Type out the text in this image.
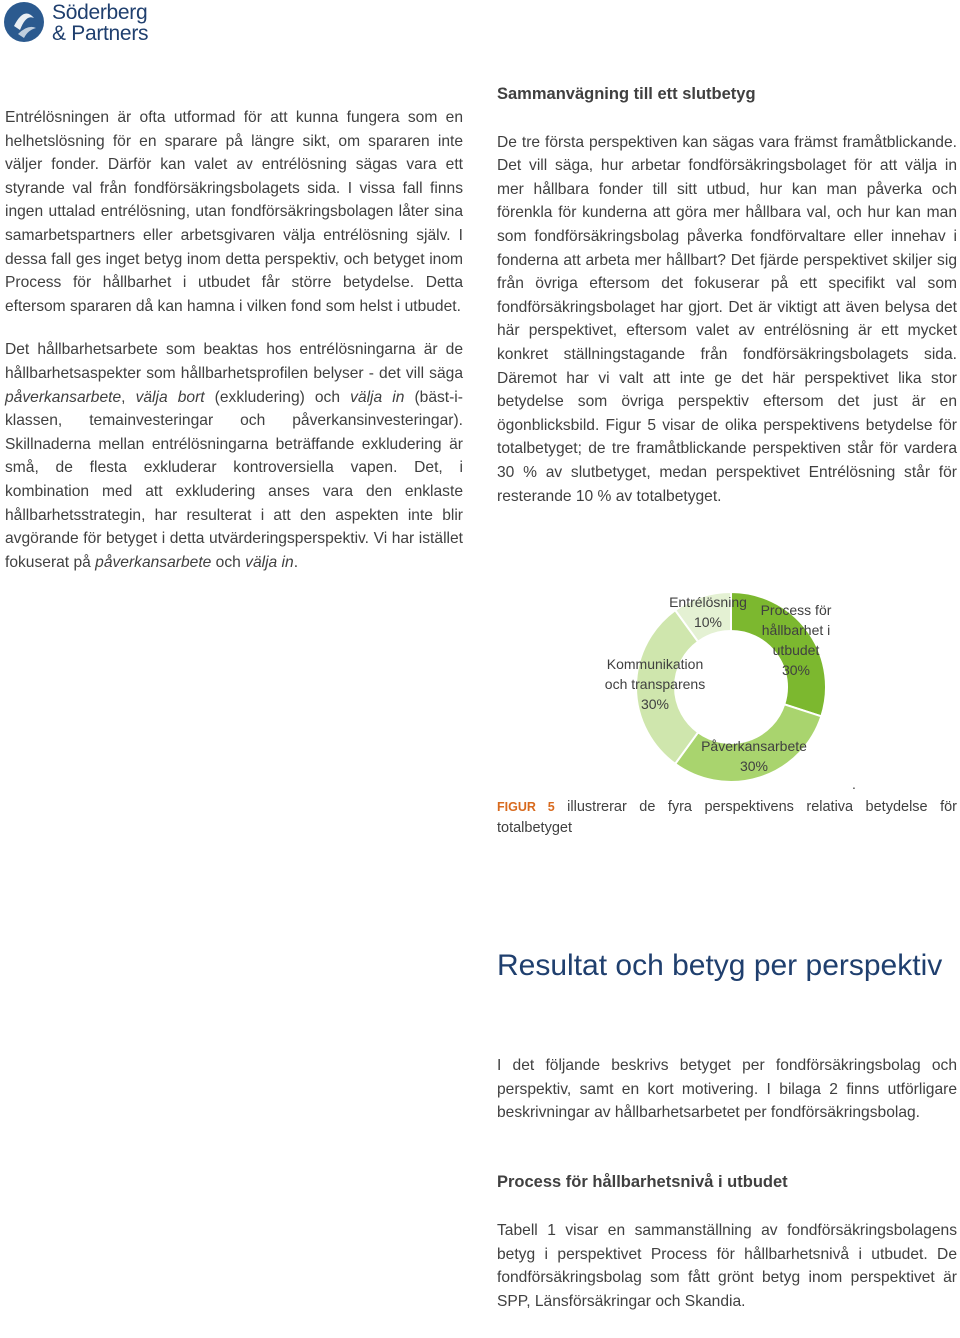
Söderberg
& Partners

Entrélösningen är ofta utformad för att kunna fungera som en helhetslösning för en sparare på längre sikt, om spararen inte väljer fonder. Därför kan valet av entrélösning sägas vara ett styrande val från fondförsäkringsbolagets sida. I vissa fall finns ingen uttalad entrélösning, utan fondförsäkringsbolagen låter sina samarbetspartners eller arbetsgivaren välja entrélösning själv. I dessa fall ges inget betyg inom detta perspektiv, och betyget inom Process för hållbarhet i utbudet får större betydelse. Detta eftersom spararen då kan hamna i vilken fond som helst i utbudet.

Det hållbarhetsarbete som beaktas hos entrélösningarna är de hållbarhetsaspekter som hållbarhetsprofilen belyser - det vill säga påverkansarbete, välja bort (exkludering) och välja in (bäst-i-klassen, temainvesteringar och påverkansinvesteringar). Skillnaderna mellan entrélösningarna beträffande exkludering är små, de flesta exkluderar kontroversiella vapen. Det, i kombination med att exkludering anses vara den enklaste hållbarhetsstrategin, har resulterat i att den aspekten inte blir avgörande för betyget i detta utvärderingsperspektiv. Vi har istället fokuserat på påverkansarbete och välja in.

Sammanvägning till ett slutbetyg

De tre första perspektiven kan sägas vara främst framåtblickande. Det vill säga, hur arbetar fondförsäkringsbolaget för att välja in mer hållbara fonder till sitt utbud, hur kan man påverka och förenkla för kunderna att göra mer hållbara val, och hur kan man som fondförsäkringsbolag påverka fondförvaltare eller innehav i fonderna att arbeta mer hållbart? Det fjärde perspektivet skiljer sig från övriga eftersom det fokuserar på ett specifikt val som fondförsäkringsbolaget har gjort. Det är viktigt att även belysa det här perspektivet, eftersom valet av entrélösning är ett mycket konkret ställningstagande från fondförsäkringsbolagets sida. Däremot har vi valt att inte ge det här perspektivet lika stor betydelse som övriga perspektiv eftersom det just är en ögonblicksbild. Figur 5 visar de olika perspektivens betydelse för totalbetyget; de tre framåtblickande perspektiven står för vardera 30 % av slutbetyget, medan perspektivet Entrélösning står för resterande 10 % av totalbetyget.

Entrélösning
10%
Process för
hållbarhet i
utbudet
30%
Kommunikation
och transparens
30%
Påverkansarbete
30%
.
FIGUR 5 illustrerar de fyra perspektivens relativa betydelse för totalbetyget
Resultat och betyg per perspektiv

I det följande beskrivs betyget per fondförsäkringsbolag och perspektiv, samt en kort motivering. I bilaga 2 finns utförligare beskrivningar av hållbarhetsarbetet per fondförsäkringsbolag.

Process för hållbarhetsnivå i utbudet

Tabell 1 visar en sammanställning av fondförsäkringsbolagens betyg i perspektivet Process för hållbarhetsnivå i utbudet. De fondförsäkringsbolag som fått grönt betyg inom perspektivet är SPP, Länsförsäkringar och Skandia.
